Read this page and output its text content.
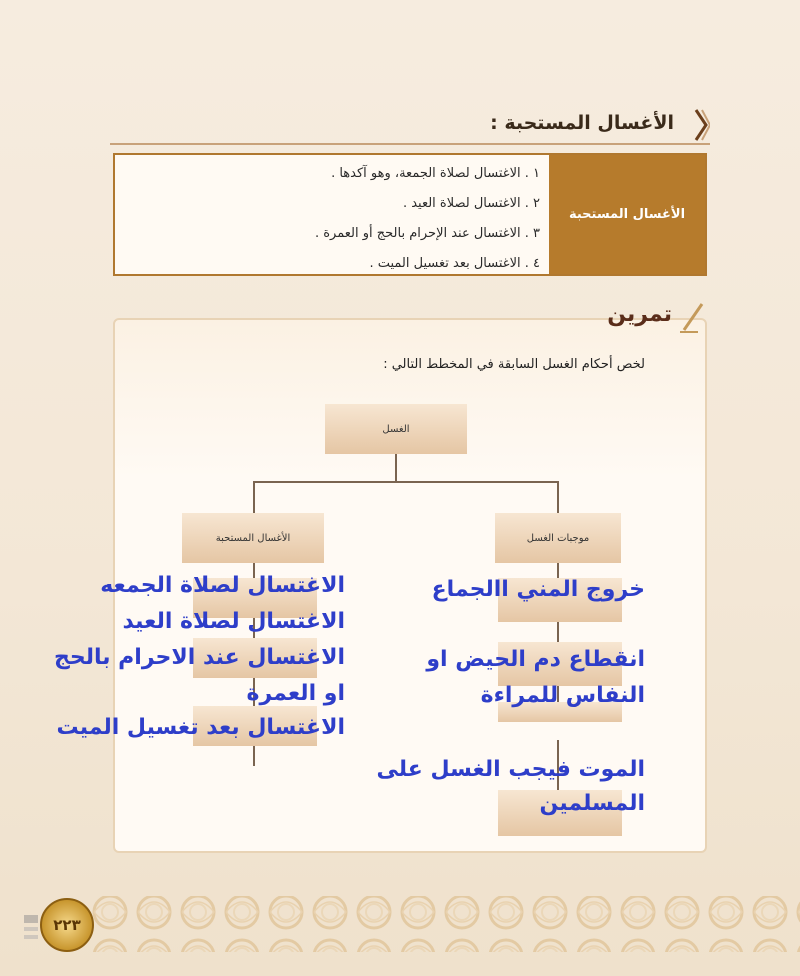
الأغسال المستحبة :
الأغسال المستحبة
١ . الاغتسال لصلاة الجمعة، وهو آكدها .
٢ . الاغتسال لصلاة العيد .
٣ . الاغتسال عند الإحرام بالحج أو العمرة .
٤ . الاغتسال بعد تغسيل الميت .
تمرين
لخص أحكام الغسل السابقة في المخطط التالي :
الغسل
الأغسال المستحبة	موجبات الغسل
الاغتسال لصلاة الجمعه
الاغتسال لصلاة العيد
الاغتسال عند الاحرام بالحج
او العمرة
الاغتسال بعد تغسيل الميت
خروج المني االجماع
انقطاع دم الحيض او
النفاس للمراءة
الموت فيجب الغسل على
المسلمين
٢٢٣
